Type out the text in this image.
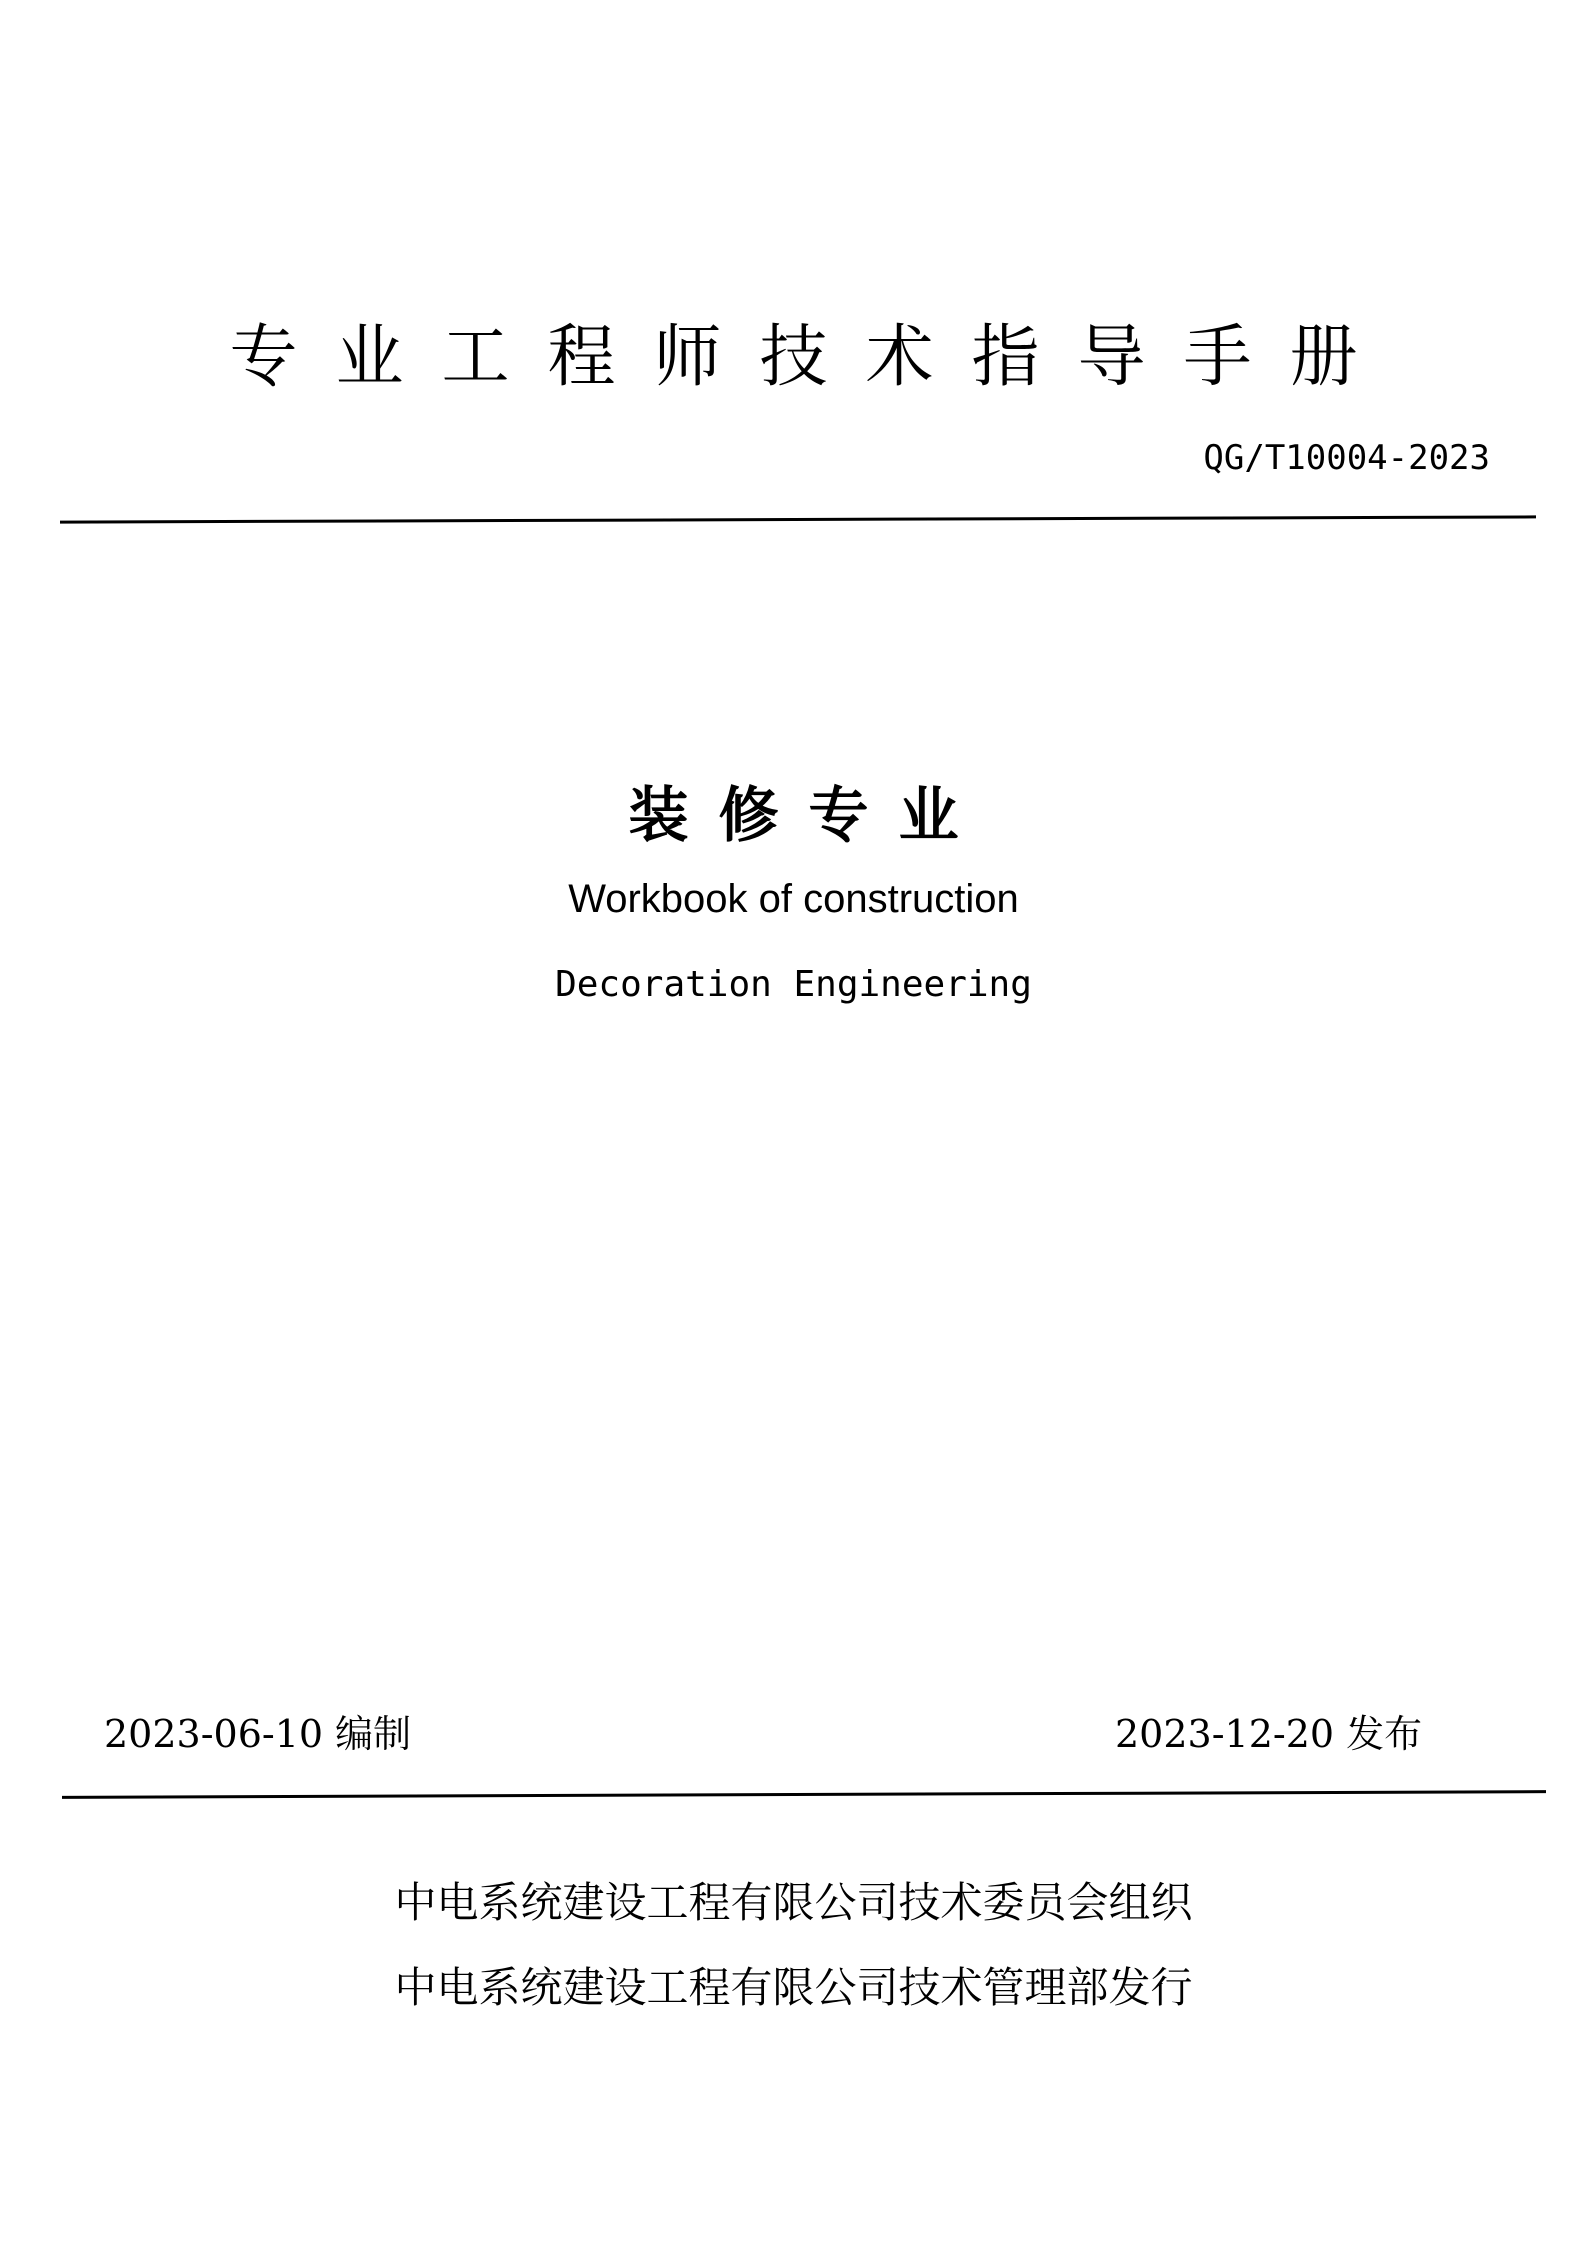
专业工程师技术指导手册
QG/T10004-2023
装修专业
Workbook of construction
Decoration Engineering
2023-06-10 编制	2023-12-20 发布
中电系统建设工程有限公司技术委员会组织
中电系统建设工程有限公司技术管理部发行
